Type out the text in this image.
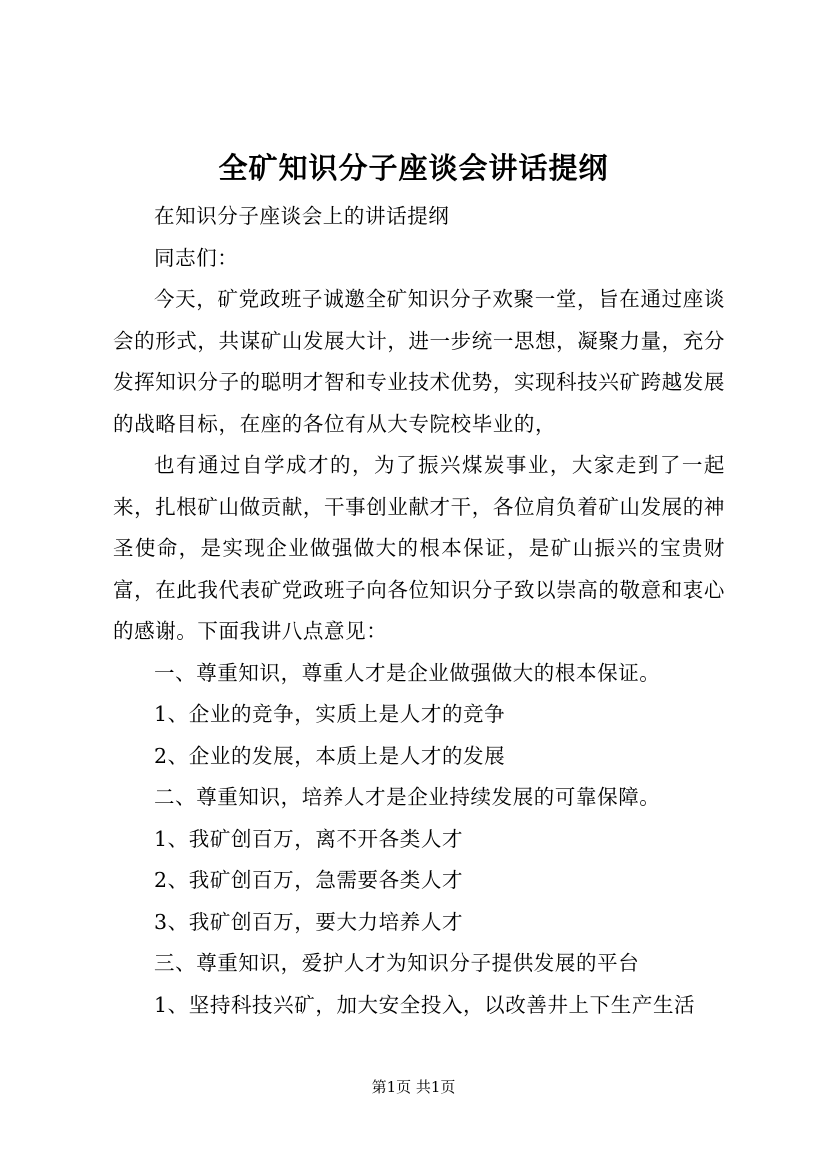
全矿知识分子座谈会讲话提纲

在知识分子座谈会上的讲话提纲

同志们：

今天，矿党政班子诚邀全矿知识分子欢聚一堂，旨在通过座谈会的形式，共谋矿山发展大计，进一步统一思想，凝聚力量，充分发挥知识分子的聪明才智和专业技术优势，实现科技兴矿跨越发展的战略目标，在座的各位有从大专院校毕业的，

也有通过自学成才的，为了振兴煤炭事业，大家走到了一起来，扎根矿山做贡献，干事创业献才干，各位肩负着矿山发展的神圣使命，是实现企业做强做大的根本保证，是矿山振兴的宝贵财富，在此我代表矿党政班子向各位知识分子致以崇高的敬意和衷心的感谢。下面我讲八点意见：

一、尊重知识，尊重人才是企业做强做大的根本保证。

1、企业的竞争，实质上是人才的竞争

2、企业的发展，本质上是人才的发展

二、尊重知识，培养人才是企业持续发展的可靠保障。

1、我矿创百万，离不开各类人才

2、我矿创百万，急需要各类人才

3、我矿创百万，要大力培养人才

三、尊重知识，爱护人才为知识分子提供发展的平台

1、坚持科技兴矿，加大安全投入，以改善井上下生产生活

第1页 共1页
